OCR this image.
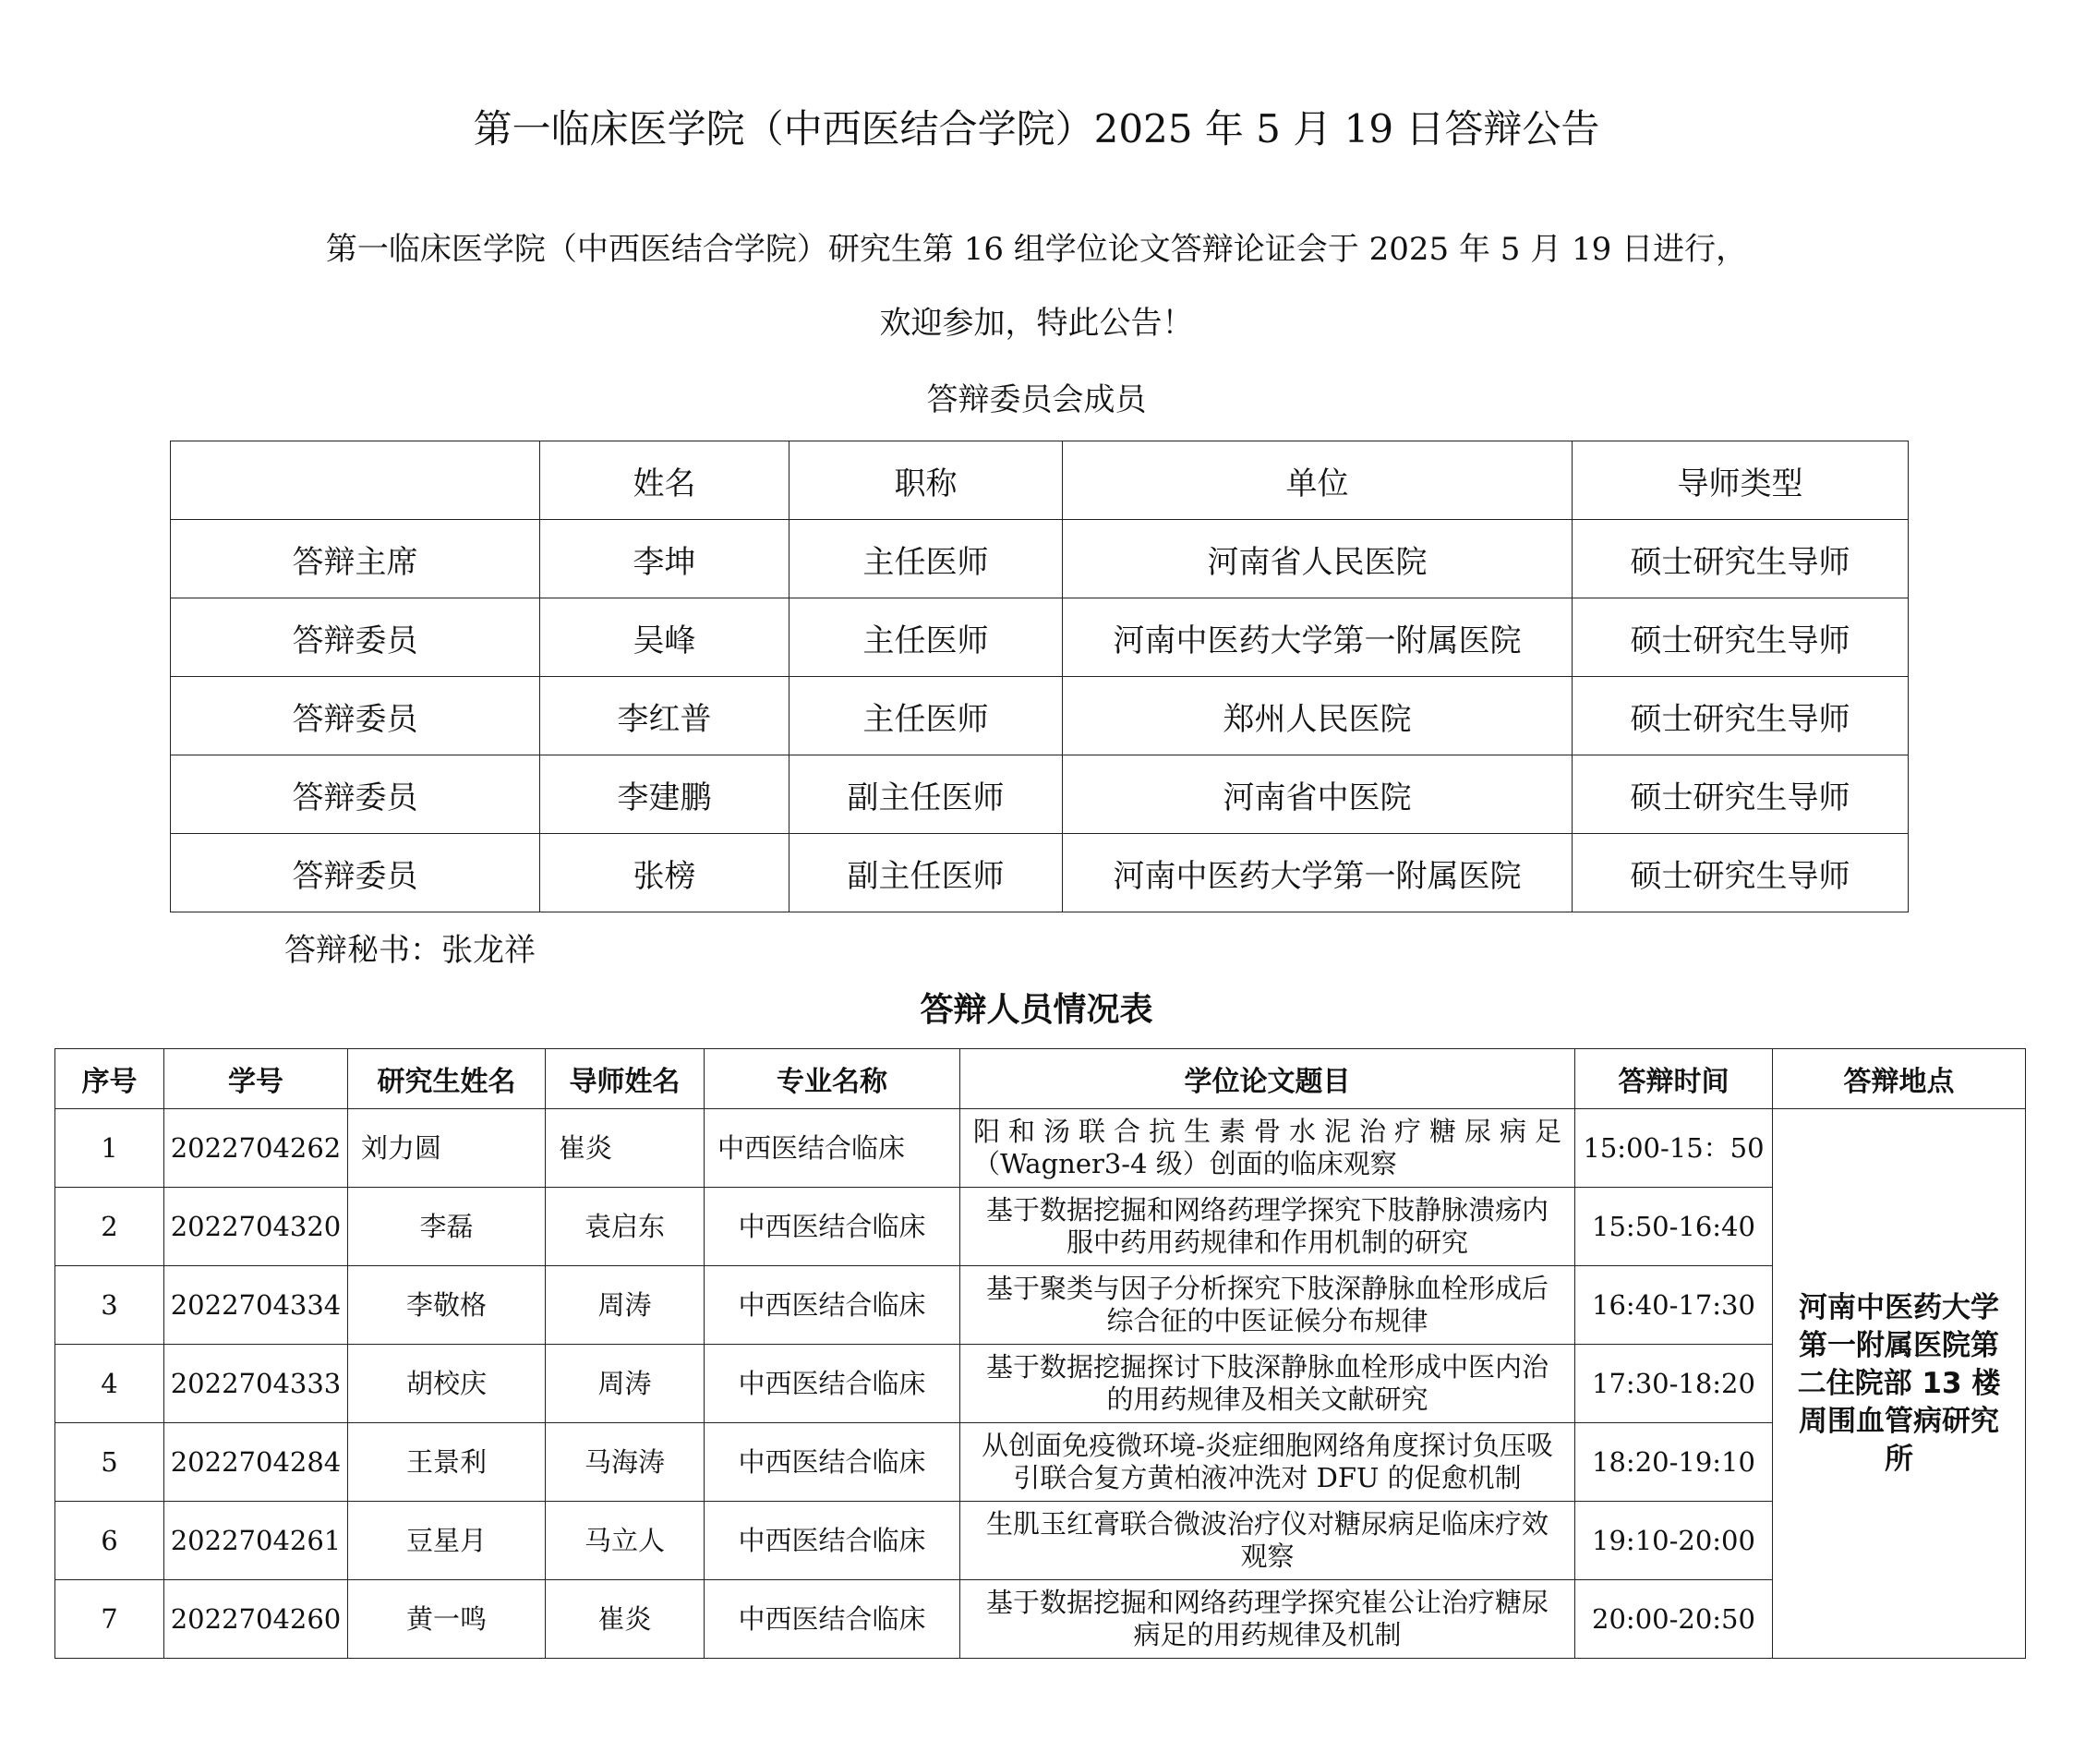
第一临床医学院（中西医结合学院）2025 年 5 月 19 日答辩公告
第一临床医学院（中西医结合学院）研究生第 16 组学位论文答辩论证会于 2025 年 5 月 19 日进行，
欢迎参加，特此公告！
答辩委员会成员
	姓名	职称	单位	导师类型
答辩主席	李坤	主任医师	河南省人民医院	硕士研究生导师
答辩委员	吴峰	主任医师	河南中医药大学第一附属医院	硕士研究生导师
答辩委员	李红普	主任医师	郑州人民医院	硕士研究生导师
答辩委员	李建鹏	副主任医师	河南省中医院	硕士研究生导师
答辩委员	张榜	副主任医师	河南中医药大学第一附属医院	硕士研究生导师
答辩秘书：张龙祥
答辩人员情况表
序号	学号	研究生姓名	导师姓名	专业名称	学位论文题目	答辩时间	答辩地点
1	2022704262	刘力圆	崔炎	中西医结合临床	阳和汤联合抗生素骨水泥治疗糖尿病足（Wagner3-4 级）创面的临床观察	15:00-15：50	河南中医药大学第一附属医院第二住院部 13 楼周围血管病研究所
2	2022704320	李磊	袁启东	中西医结合临床	基于数据挖掘和网络药理学探究下肢静脉溃疡内服中药用药规律和作用机制的研究	15:50-16:40	
3	2022704334	李敬格	周涛	中西医结合临床	基于聚类与因子分析探究下肢深静脉血栓形成后综合征的中医证候分布规律	16:40-17:30	
4	2022704333	胡校庆	周涛	中西医结合临床	基于数据挖掘探讨下肢深静脉血栓形成中医内治的用药规律及相关文献研究	17:30-18:20	
5	2022704284	王景利	马海涛	中西医结合临床	从创面免疫微环境-炎症细胞网络角度探讨负压吸引联合复方黄柏液冲洗对 DFU 的促愈机制	18:20-19:10	
6	2022704261	豆星月	马立人	中西医结合临床	生肌玉红膏联合微波治疗仪对糖尿病足临床疗效观察	19:10-20:00	
7	2022704260	黄一鸣	崔炎	中西医结合临床	基于数据挖掘和网络药理学探究崔公让治疗糖尿病足的用药规律及机制	20:00-20:50	
